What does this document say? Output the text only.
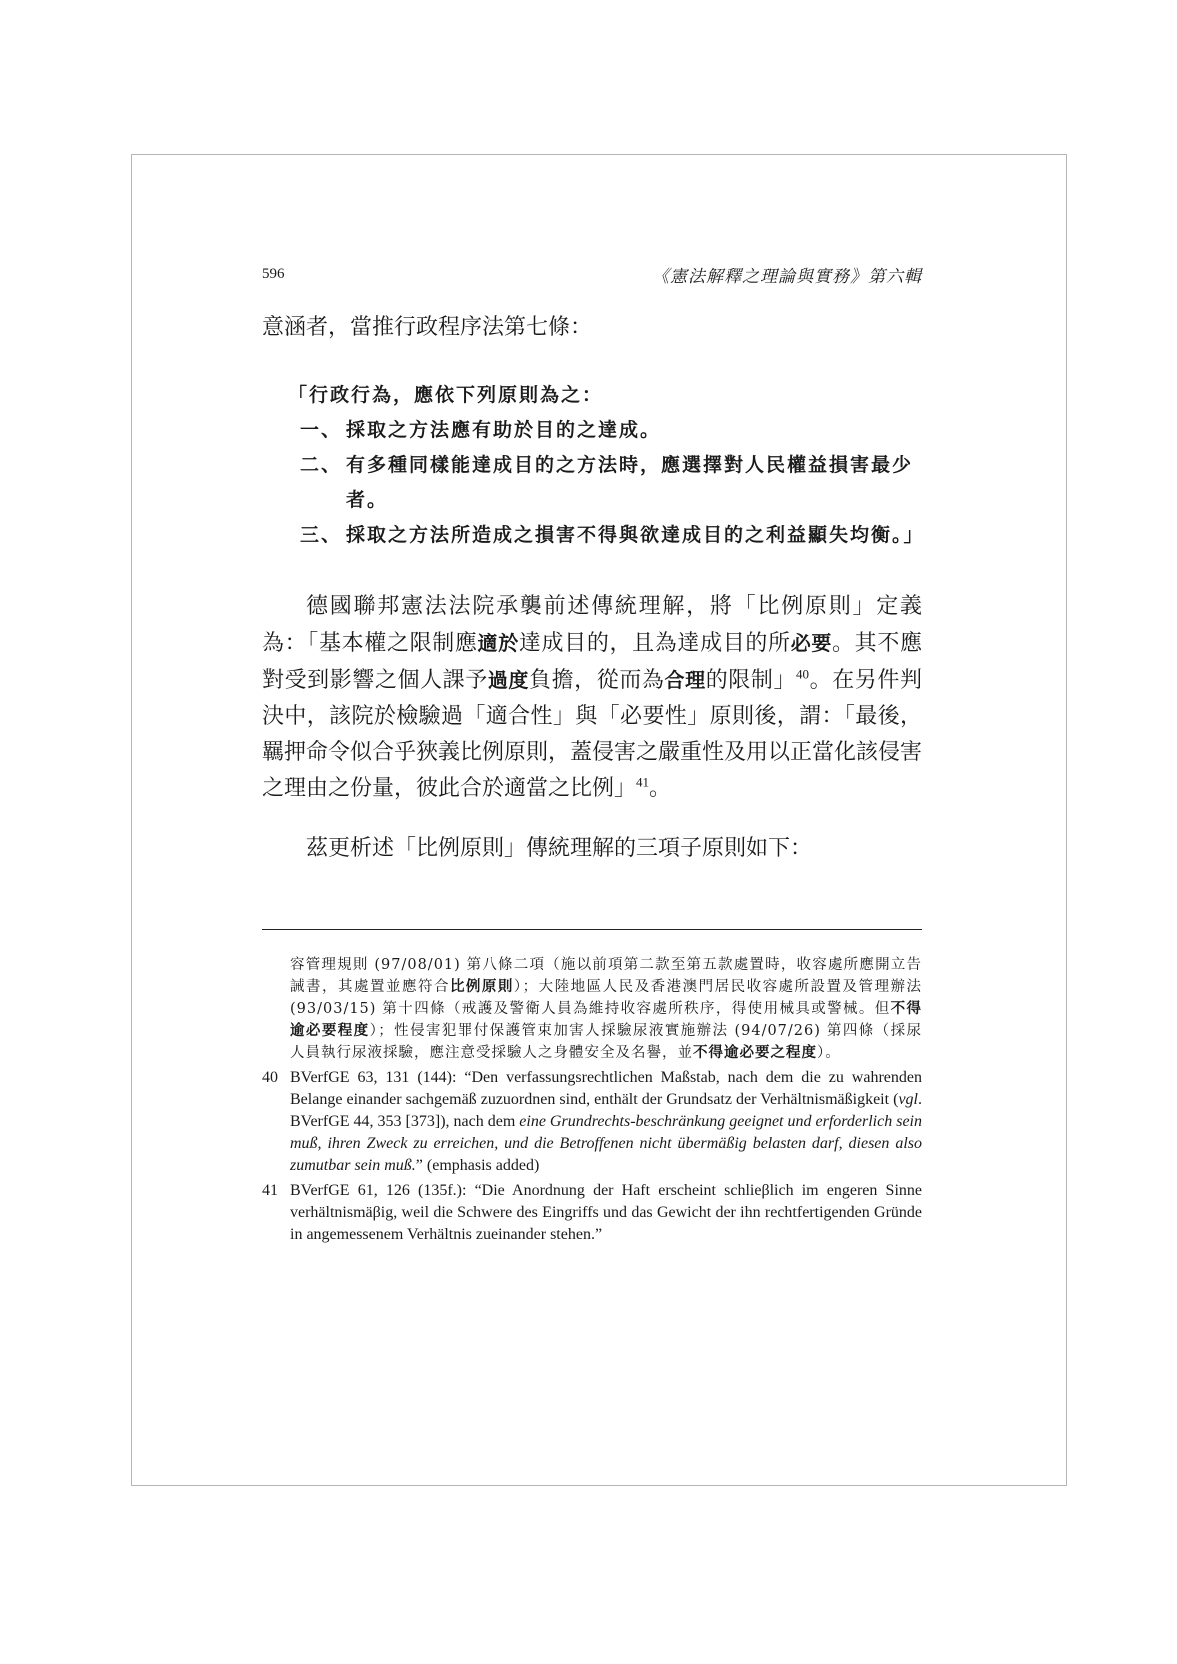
596	《憲法解釋之理論與實務》第六輯

意涵者，當推行政程序法第七條：

「行政行為，應依下列原則為之：
一、 採取之方法應有助於目的之達成。
二、 有多種同樣能達成目的之方法時，應選擇對人民權益損害最少者。
三、 採取之方法所造成之損害不得與欲達成目的之利益顯失均衡。」

德國聯邦憲法法院承襲前述傳統理解，將「比例原則」定義為：「基本權之限制應適於達成目的，且為達成目的所必要。其不應對受到影響之個人課予過度負擔，從而為合理的限制」$^{40}$。在另件判決中，該院於檢驗過「適合性」與「必要性」原則後，謂：「最後，羈押命令似合乎狹義比例原則，蓋侵害之嚴重性及用以正當化該侵害之理由之份量，彼此合於適當之比例」$^{41}$。

茲更析述「比例原則」傳統理解的三項子原則如下：

容管理規則 (97/08/01) 第八條二項（施以前項第二款至第五款處置時，收容處所應開立告誡書，其處置並應符合比例原則）；大陸地區人民及香港澳門居民收容處所設置及管理辦法 (93/03/15) 第十四條（戒護及警衛人員為維持收容處所秩序，得使用械具或警械。但不得逾必要程度）；性侵害犯罪付保護管束加害人採驗尿液實施辦法 (94/07/26) 第四條（採尿人員執行尿液採驗，應注意受採驗人之身體安全及名譽，並不得逾必要之程度）。
40 BVerfGE 63, 131 (144): “Den verfassungsrechtlichen Maßstab, nach dem die zu wahrenden Belange einander sachgemäß zuzuordnen sind, enthält der Grundsatz der Verhältnismäßigkeit (vgl. BVerfGE 44, 353 [373]), nach dem eine Grundrechts-beschränkung geeignet und erforderlich sein muß, ihren Zweck zu erreichen, und die Betroffenen nicht übermäßig belasten darf, diesen also zumutbar sein muß.” (emphasis added)
41 BVerfGE 61, 126 (135f.): “Die Anordnung der Haft erscheint schlieβlich im engeren Sinne verhältnismäβig, weil die Schwere des Eingriffs und das Gewicht der ihn rechtfertigenden Gründe in angemessenem Verhältnis zueinander stehen.”
